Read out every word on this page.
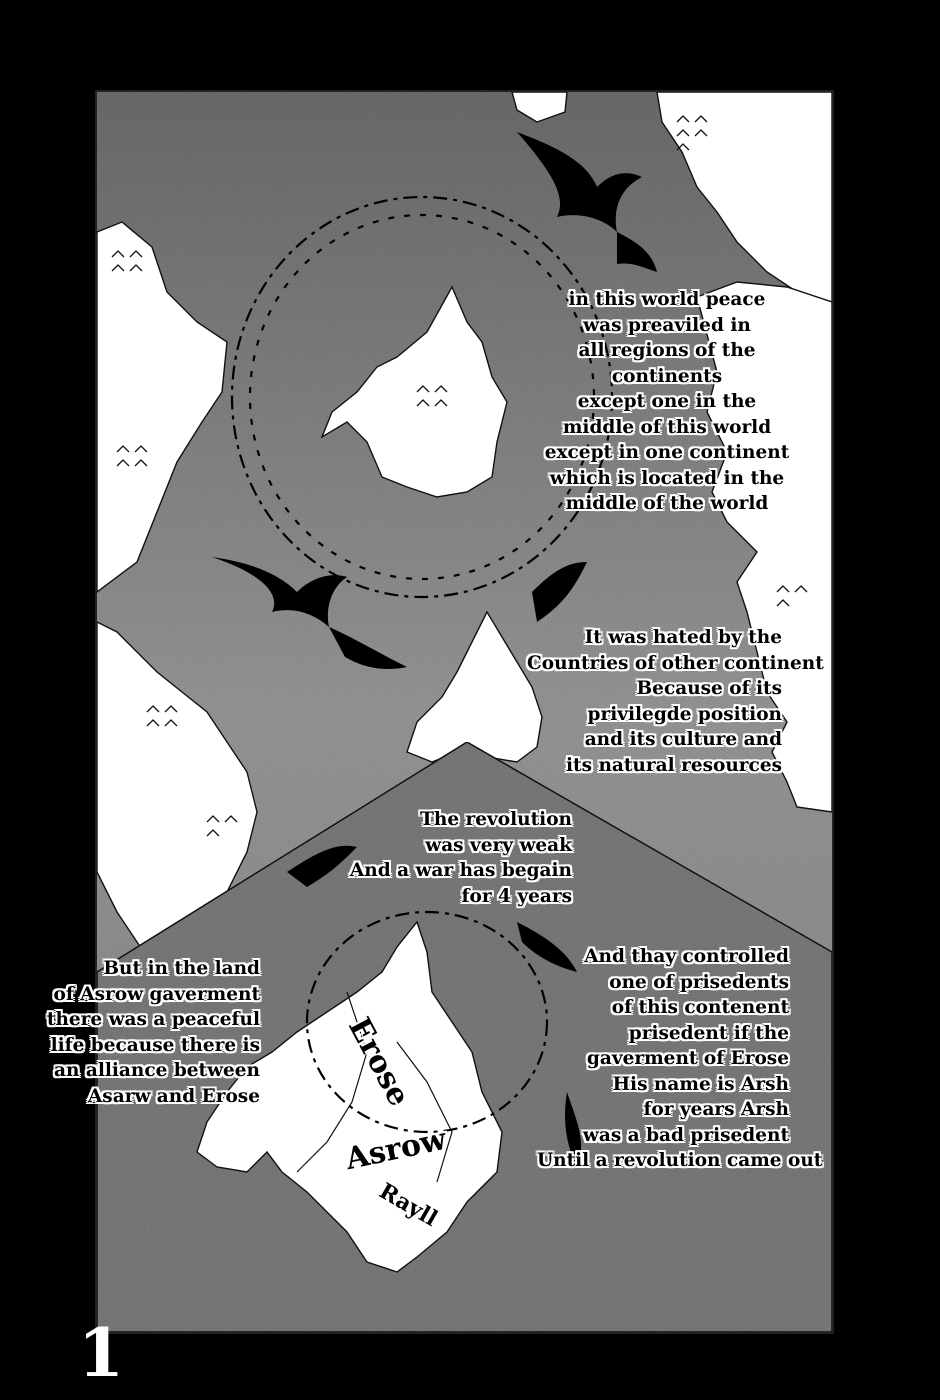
Erose
Asrow
Rayll
in this world peace
was preaviled in
all regions of the
continents
except one in the
middle of this world
except in one continent
which is located in the
middle of the world
It was hated by the
Countries of other continent
Because of its
privilegde position
and its culture and
its natural resources
The revolution
was very weak
And a war has begain
for 4 years
And thay controlled
one of prisedents
of this contenent
prisedent if the
gaverment of Erose
His name is Arsh
for years Arsh
was a bad prisedent
Until a revolution came out
But in the land
of Asrow gaverment
there was a peaceful
life because there is
an alliance between
Asarw and Erose
1
